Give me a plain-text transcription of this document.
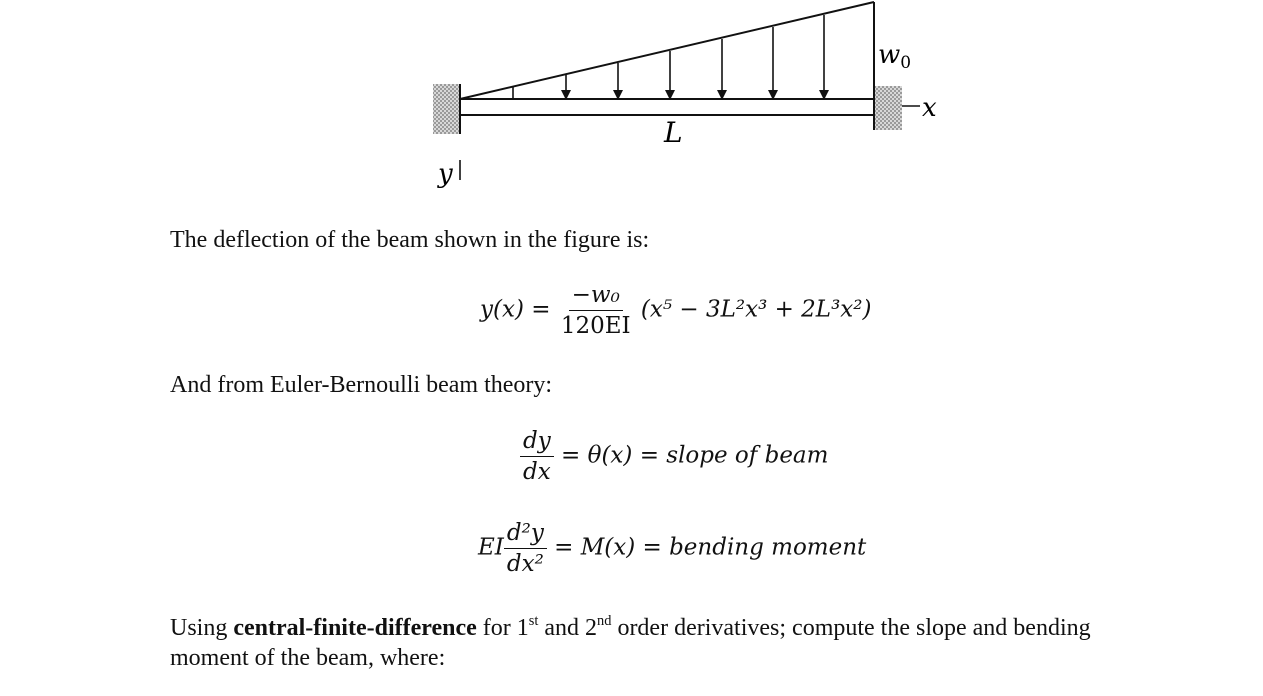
w0
L
x
y
The deflection of the beam shown in the figure is:
$y(x) = \frac{\text{−w₀}}{120EI} (x^5 - 3L^2x^3 + 2L^3x^2)$
And from Euler-Bernoulli beam theory:
$\frac{dy}{dx} = \theta(x)$ = slope of beam
EI $\frac{\text{d²y}}{\text{dx²}} = M(x)$ = bending moment
Using central-finite-difference for 1st and 2nd order derivatives; compute the slope and bending
moment of the beam, where:
